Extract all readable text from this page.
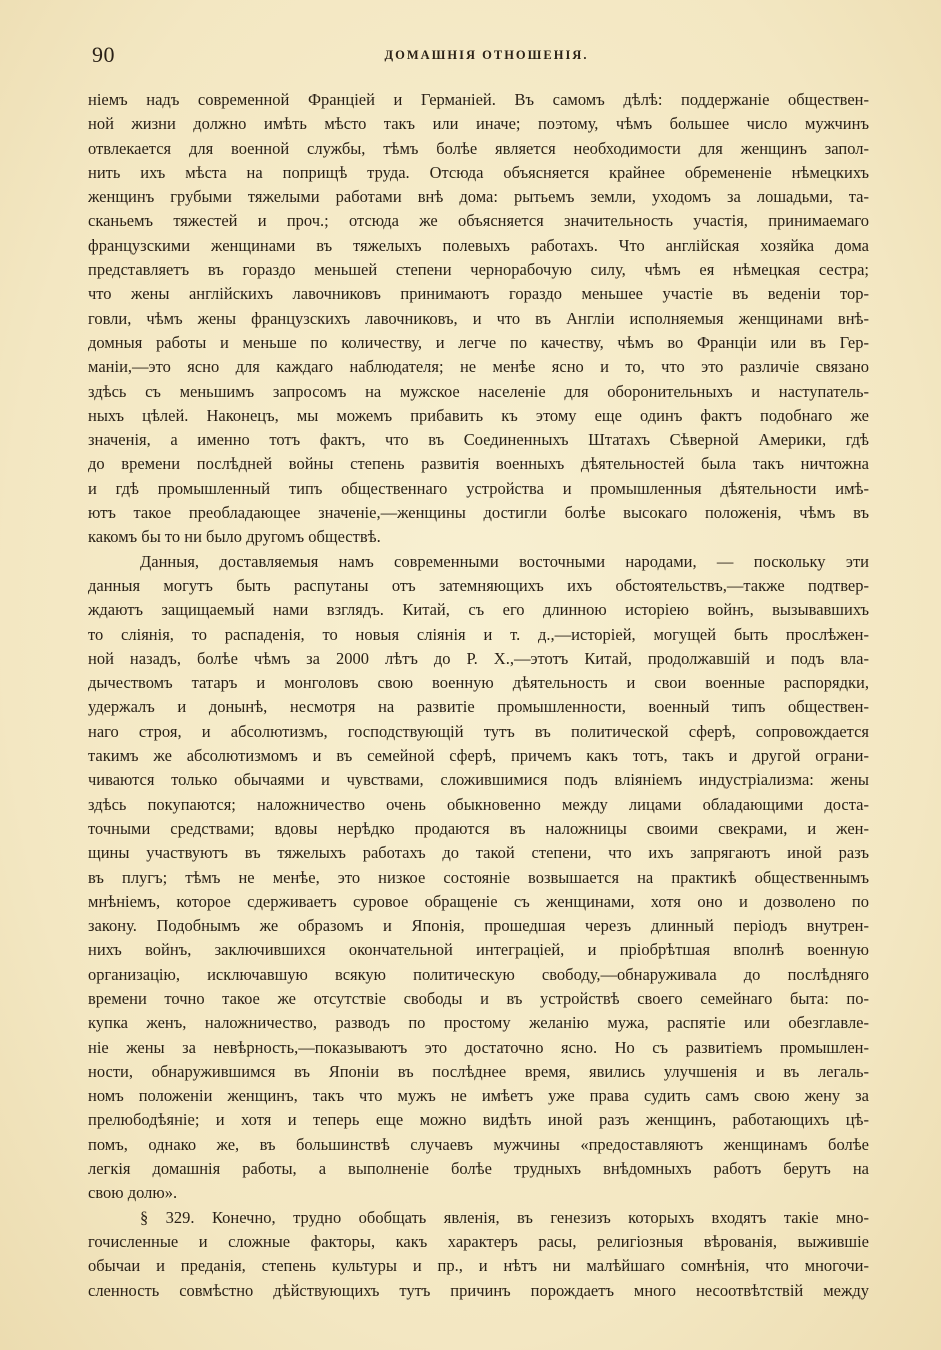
90	ДОМАШНІЯ ОТНОШЕНІЯ.
ніемъ надъ современной Франціей и Германіей. Въ самомъ дѣлѣ: поддержаніе обществен-
ной жизни должно имѣть мѣсто такъ или иначе; поэтому, чѣмъ большее число мужчинъ
отвлекается для военной службы, тѣмъ болѣе является необходимости для женщинъ запол-
нить ихъ мѣста на поприщѣ труда. Отсюда объясняется крайнее обремененіе нѣмецкихъ
женщинъ грубыми тяжелыми работами внѣ дома: рытьемъ земли, уходомъ за лошадьми, та-
сканьемъ тяжестей и проч.; отсюда же объясняется значительность участія, принимаемаго
французскими женщинами въ тяжелыхъ полевыхъ работахъ. Что англійская хозяйка дома
представляетъ въ гораздо меньшей степени чернорабочую силу, чѣмъ ея нѣмецкая сестра;
что жены англійскихъ лавочниковъ принимаютъ гораздо меньшее участіе въ веденіи тор-
говли, чѣмъ жены французскихъ лавочниковъ, и что въ Англіи исполняемыя женщинами внѣ-
домныя работы и меньше по количеству, и легче по качеству, чѣмъ во Франціи или въ Гер-
маніи,—это ясно для каждаго наблюдателя; не менѣе ясно и то, что это различіе связано
здѣсь съ меньшимъ запросомъ на мужское населеніе для оборонительныхъ и наступатель-
ныхъ цѣлей. Наконецъ, мы можемъ прибавить къ этому еще одинъ фактъ подобнаго же
значенія, а именно тотъ фактъ, что въ Соединенныхъ Штатахъ Сѣверной Америки, гдѣ
до времени послѣдней войны степень развитія военныхъ дѣятельностей была такъ ничтожна
и гдѣ промышленный типъ общественнаго устройства и промышленныя дѣятельности имѣ-
ютъ такое преобладающее значеніе,—женщины достигли болѣе высокаго положенія, чѣмъ въ
какомъ бы то ни было другомъ обществѣ.
Данныя, доставляемыя намъ современными восточными народами, — поскольку эти
данныя могутъ быть распутаны отъ затемняющихъ ихъ обстоятельствъ,—также подтвер-
ждаютъ защищаемый нами взглядъ. Китай, съ его длинною исторіею войнъ, вызывавшихъ
то слiянія, то распаденія, то новыя слiянія и т. д.,—исторіей, могущей быть прослѣжен-
ной назадъ, болѣе чѣмъ за 2000 лѣтъ до Р. Х.,—этотъ Китай, продолжавшій и подъ вла-
дычествомъ татаръ и монголовъ свою военную дѣятельность и свои военные распорядки,
удержалъ и донынѣ, несмотря на развитіе промышленности, военный типъ обществен-
наго строя, и абсолютизмъ, господствующій тутъ въ политической сферѣ, сопровождается
такимъ же абсолютизмомъ и въ семейной сферѣ, причемъ какъ тотъ, такъ и другой ограни-
чиваются только обычаями и чувствами, сложившимися подъ вліяніемъ индустріализма: жены
здѣсь покупаются; наложничество очень обыкновенно между лицами обладающими доста-
точными средствами; вдовы нерѣдко продаются въ наложницы своими свекрами, и жен-
щины участвуютъ въ тяжелыхъ работахъ до такой степени, что ихъ запрягаютъ иной разъ
въ плугъ; тѣмъ не менѣе, это низкое состояніе возвышается на практикѣ общественнымъ
мнѣніемъ, которое сдерживаетъ суровое обращеніе съ женщинами, хотя оно и дозволено по
закону. Подобнымъ же образомъ и Японія, прошедшая черезъ длинный періодъ внутрен-
нихъ войнъ, заключившихся окончательной интеграціей, и пріобрѣтшая вполнѣ военную
организацію, исключавшую всякую политическую свободу,—обнаруживала до послѣдняго
времени точно такое же отсутствіе свободы и въ устройствѣ своего семейнаго быта: по-
купка женъ, наложничество, разводъ по простому желанію мужа, распятіе или обезглавле-
ніе жены за невѣрность,—показываютъ это достаточно ясно. Но съ развитіемъ промышлен-
ности, обнаружившимся въ Японіи въ послѣднее время, явились улучшенія и въ легаль-
номъ положеніи женщинъ, такъ что мужъ не имѣетъ уже права судить самъ свою жену за
прелюбодѣяніе; и хотя и теперь еще можно видѣть иной разъ женщинъ, работающихъ цѣ-
помъ, однако же, въ большинствѣ случаевъ мужчины «предоставляютъ женщинамъ болѣе
легкія домашнія работы, а выполненіе болѣе трудныхъ внѣдомныхъ работъ берутъ на
свою долю».
§ 329. Конечно, трудно обобщать явленія, въ генезизъ которыхъ входятъ такіе мно-
гочисленные и сложные факторы, какъ характеръ расы, религіозныя вѣрованія, выжившіе
обычаи и преданія, степень культуры и пр., и нѣтъ ни малѣйшаго сомнѣнія, что многочи-
сленность совмѣстно дѣйствующихъ тутъ причинъ порождаетъ много несоотвѣтствій между
